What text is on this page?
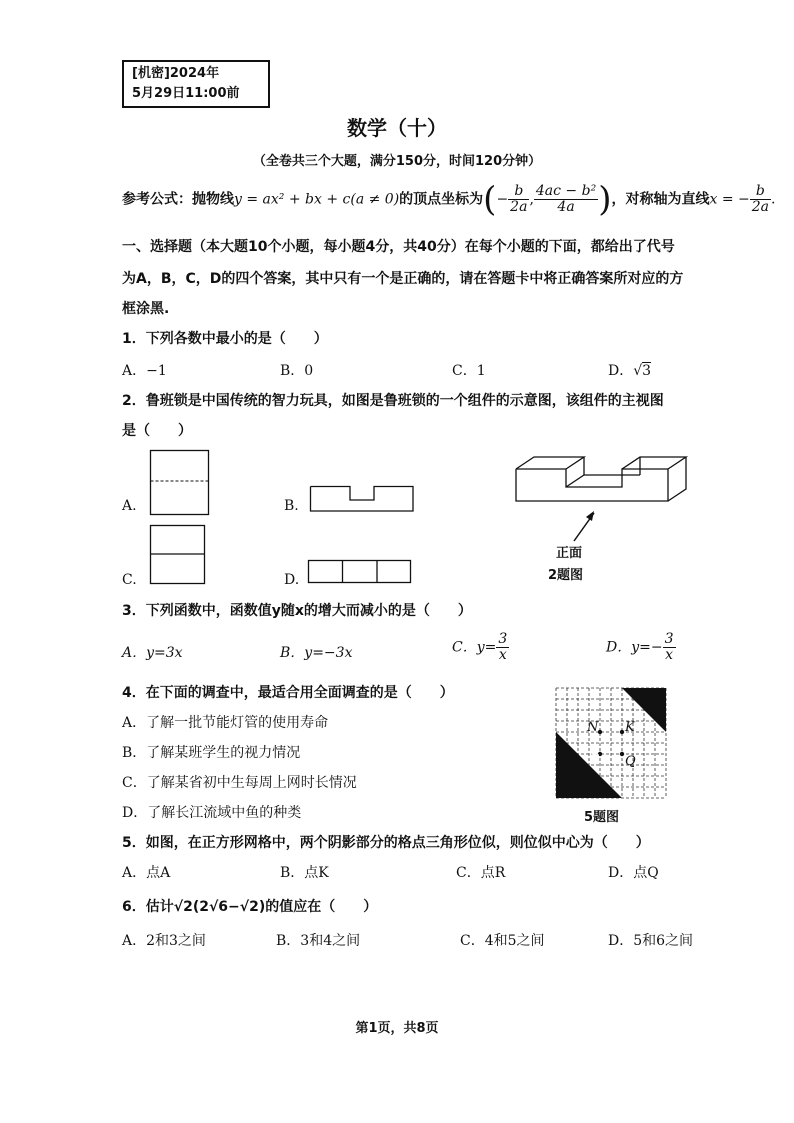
[机密]2024年
5月29日11:00前
数学（十）
（全卷共三个大题，满分150分，时间120分钟）
参考公式：抛物线y = ax² + bx + c(a ≠ 0)的顶点坐标为(− $\frac{b}{2a}$ , $\frac{\text{4ac − b²}}{4a}$ )，对称轴为直线x = − $\frac{b}{2a}$ .
一、选择题（本大题10个小题，每小题4分，共40分）在每个小题的下面，都给出了代号
为A，B，C，D的四个答案，其中只有一个是正确的，请在答题卡中将正确答案所对应的方
框涂黑.
1．下列各数中最小的是（　　）
A．−1	B．0	C．1	D．√3
2．鲁班锁是中国传统的智力玩具，如图是鲁班锁的一个组件的示意图，该组件的主视图
是（　　）
A.	B.
C.	D.
正面
2题图
3．下列函数中，函数值y随x的增大而减小的是（　　）
A．y=3x	B．y=−3x	C．$y= \frac{3}{x}$	D．$y=- \frac{3}{x}$
4．在下面的调查中，最适合用全面调查的是（　　）
A．了解一批节能灯管的使用寿命
B．了解某班学生的视力情况
C．了解某省初中生每周上网时长情况
D．了解长江流域中鱼的种类
N K
R Q
5题图
5．如图，在正方形网格中，两个阴影部分的格点三角形位似，则位似中心为（　　）
A．点A	B．点K	C．点R	D．点Q
6．估计√2(2√6−√2)的值应在（　　）
A．2和3之间	B．3和4之间	C．4和5之间	D．5和6之间
第1页，共8页
